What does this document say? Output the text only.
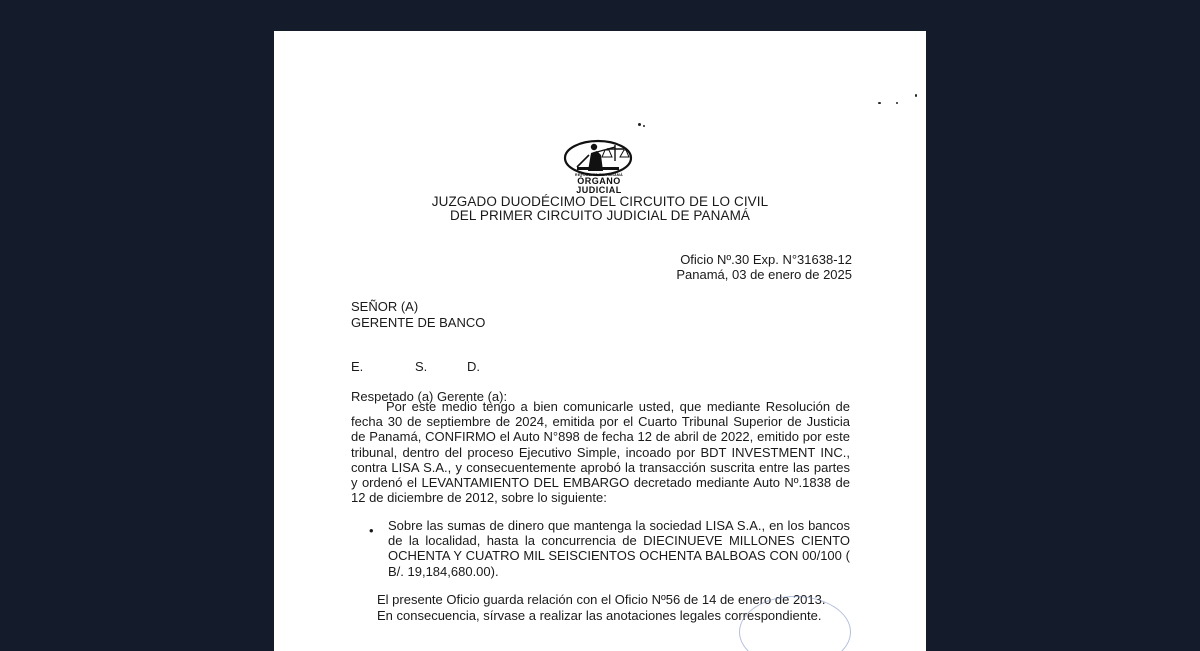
REPÚBLICA DE PANAMÁ
ÓRGANO
JUDICIAL
JUZGADO DUODÉCIMO DEL CIRCUITO DE LO CIVIL
DEL PRIMER CIRCUITO JUDICIAL DE PANAMÁ
Oficio Nº.30 Exp. N°31638-12
Panamá, 03 de enero de 2025
SEÑOR (A)
GERENTE DE BANCO
E.	S.	D.
Respetado (a) Gerente (a):
Por este medio tengo a bien comunicarle usted, que mediante Resolución de fecha 30 de septiembre de 2024, emitida por el Cuarto Tribunal Superior de Justicia de Panamá, CONFIRMO el Auto N°898 de fecha 12 de abril de 2022, emitido por este tribunal, dentro del proceso Ejecutivo Simple, incoado por BDT INVESTMENT INC., contra LISA S.A., y consecuentemente aprobó la transacción suscrita entre las partes y ordenó el LEVANTAMIENTO DEL EMBARGO decretado mediante Auto Nº.1838 de 12 de diciembre de 2012, sobre lo siguiente:
• Sobre las sumas de dinero que mantenga la sociedad LISA S.A., en los bancos de la localidad, hasta la concurrencia de DIECINUEVE MILLONES CIENTO OCHENTA Y CUATRO MIL SEISCIENTOS OCHENTA BALBOAS CON 00/100 ( B/. 19,184,680.00).
El presente Oficio guarda relación con el Oficio Nº56 de 14 de enero de 2013.
En consecuencia, sírvase a realizar las anotaciones legales correspondiente.
